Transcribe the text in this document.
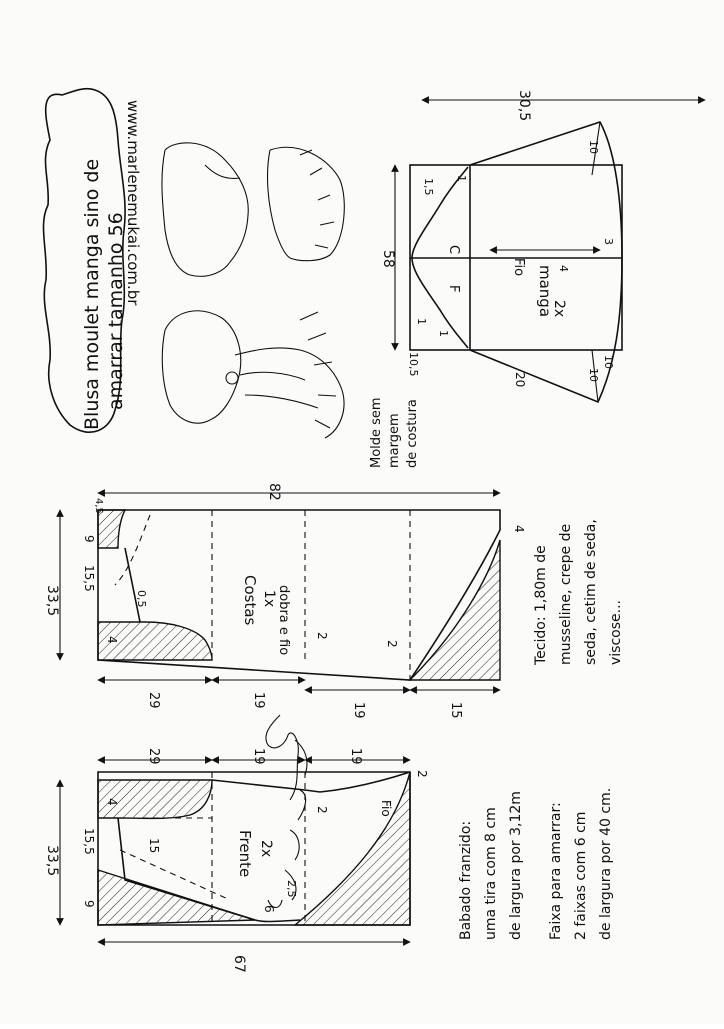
Blusa moulet manga sino de amarrar tamanho 56
www.marlenemukai.com.br	Fio manga
2x
C
F
30,5
58
1,5 1
1
1
10,5
10
3
4
20	10
10
Molde sem margem de costura
dobra e fio
Costas 1x
82
33,5
4,5
9
15,5
0,5
4
4
29	19
19	15
2
2	Tecido: 1,80m de musseline, crepe de seda, cetim de seda, viscose...
Frente 2x
Fio
67
33,5
9
15,5
4
15
29	19	19
6
2,5
2
2
Babado franzido: uma tira com 8 cm de largura por 3,12m Faixa para amarrar: 2 faixas com 6 cm de largura por 40 cm.
